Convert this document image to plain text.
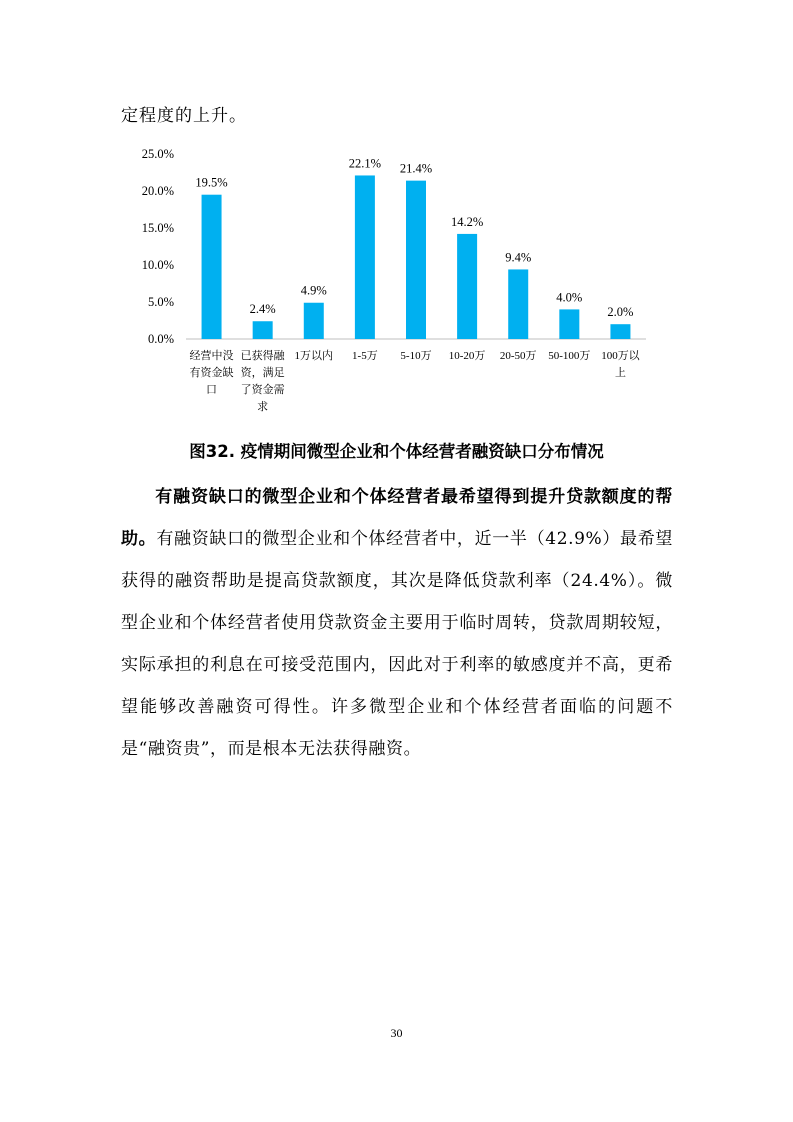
定程度的上升。
0.0%
5.0%
10.0%
15.0%
20.0%
25.0%
19.5%
2.4%
4.9%
22.1% 21.4%
14.2%
9.4%
4.0%
2.0%
经营中没
有资金缺
口
已获得融
资，满足
了资金需
求
1万以内 1-5万 5-10万 10-20万 20-50万 50-100万 100万以
上
图32. 疫情期间微型企业和个体经营者融资缺口分布情况
有融资缺口的微型企业和个体经营者最希望得到提升贷款额度的帮助。有融资缺口的微型企业和个体经营者中，近一半（42.9%）最希望获得的融资帮助是提高贷款额度，其次是降低贷款利率（24.4%）。微型企业和个体经营者使用贷款资金主要用于临时周转，贷款周期较短，实际承担的利息在可接受范围内，因此对于利率的敏感度并不高，更希望能够改善融资可得性。许多微型企业和个体经营者面临的问题不是“融资贵”，而是根本无法获得融资。
30
